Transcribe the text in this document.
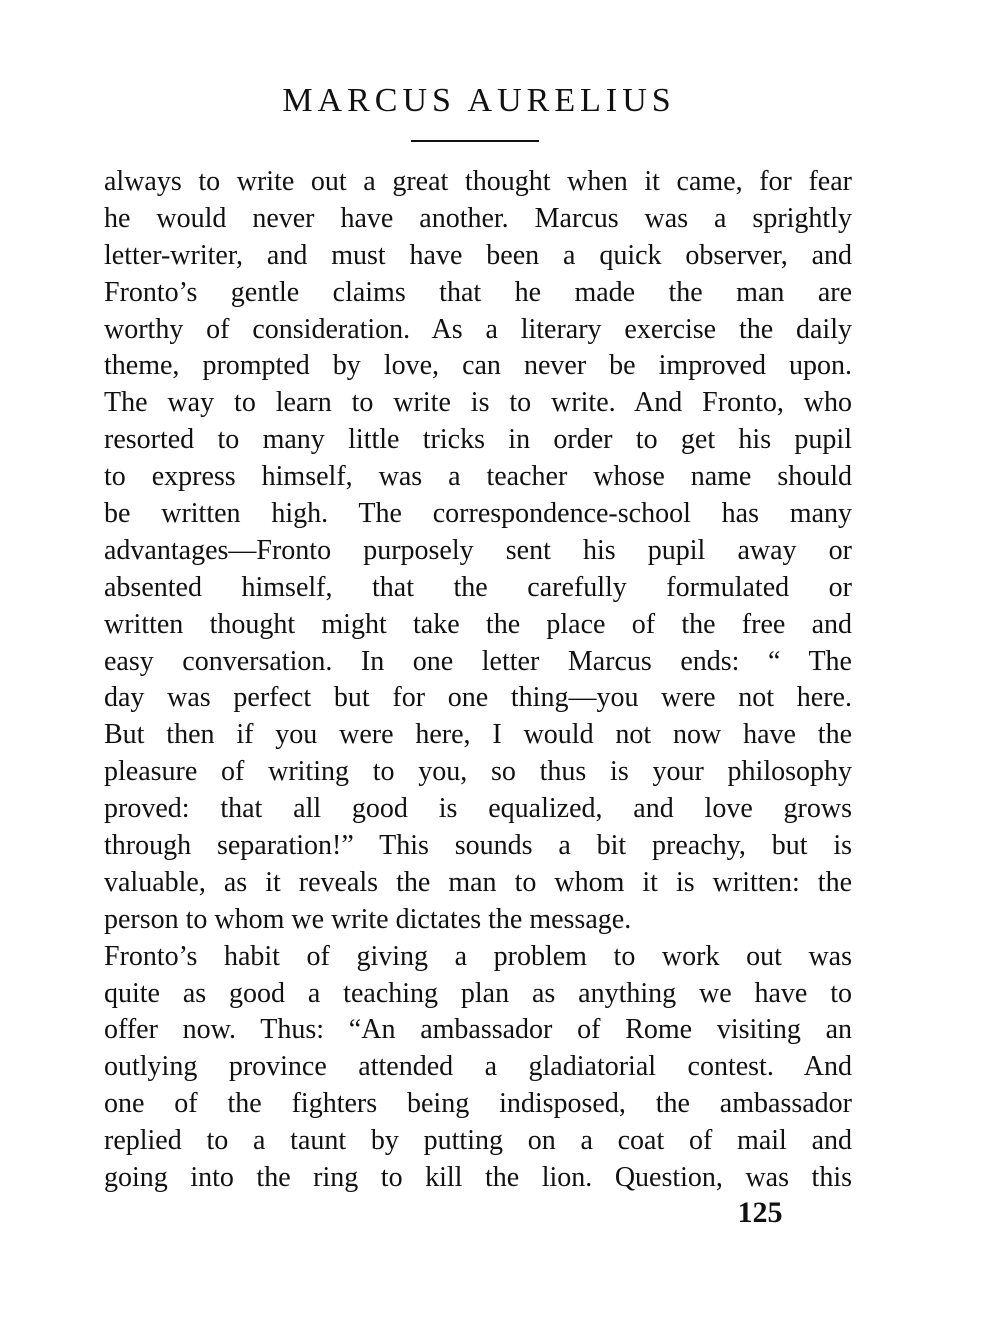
MARCUS AURELIUS
always to write out a great thought when it came, for fear
he would never have another. Marcus was a sprightly
letter-writer, and must have been a quick observer, and
Fronto’s gentle claims that he made the man are
worthy of consideration. As a literary exercise the daily
theme, prompted by love, can never be improved upon.
The way to learn to write is to write. And Fronto, who
resorted to many little tricks in order to get his pupil
to express himself, was a teacher whose name should
be written high. The correspondence-school has many
advantages—Fronto purposely sent his pupil away or
absented himself, that the carefully formulated or
written thought might take the place of the free and
easy conversation. In one letter Marcus ends: “ The
day was perfect but for one thing—you were not here.
But then if you were here, I would not now have the
pleasure of writing to you, so thus is your philosophy
proved: that all good is equalized, and love grows
through separation!” This sounds a bit preachy, but is
valuable, as it reveals the man to whom it is written: the
person to whom we write dictates the message.
Fronto’s habit of giving a problem to work out was
quite as good a teaching plan as anything we have to
offer now. Thus: “An ambassador of Rome visiting an
outlying province attended a gladiatorial contest. And
one of the fighters being indisposed, the ambassador
replied to a taunt by putting on a coat of mail and
going into the ring to kill the lion. Question, was this
125
